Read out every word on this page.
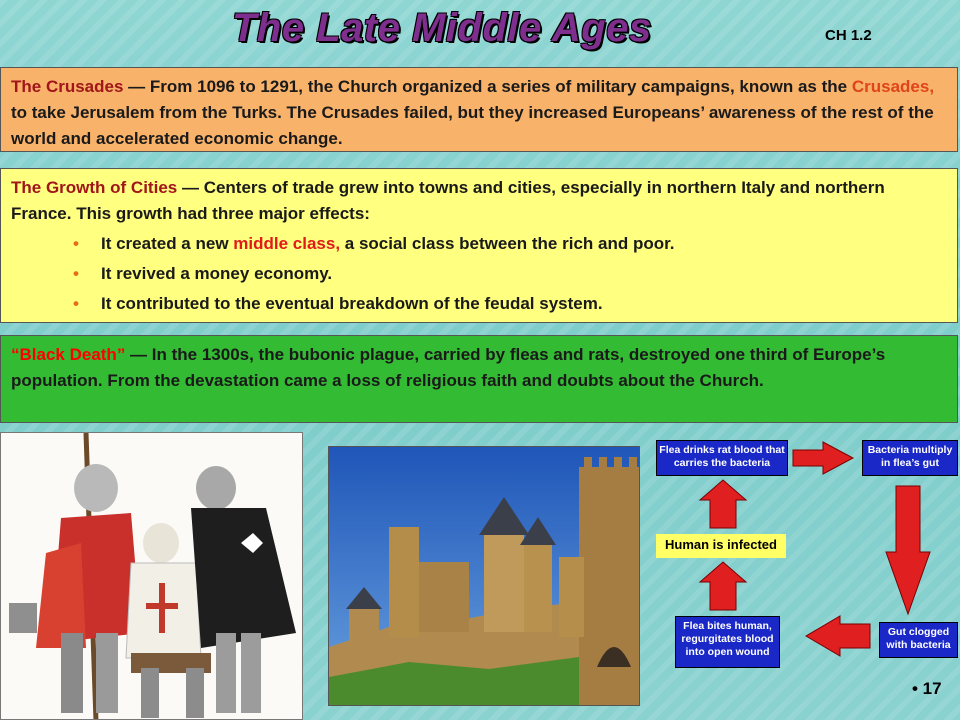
The Late Middle Ages	CH 1.2
The Crusades — From 1096 to 1291, the Church organized a series of military campaigns, known as the Crusades, to take Jerusalem from the Turks. The Crusades failed, but they increased Europeans’ awareness of the rest of the world and accelerated economic change.
The Growth of Cities — Centers of trade grew into towns and cities, especially in northern Italy and northern France. This growth had three major effects:
• It created a new middle class, a social class between the rich and poor.
• It revived a money economy.
• It contributed to the eventual breakdown of the feudal system.
“Black Death” — In the 1300s, the bubonic plague, carried by fleas and rats, destroyed one third of Europe’s population. From the devastation came a loss of religious faith and doubts about the Church.
Flea drinks rat blood that carries the bacteria
Bacteria multiply in flea’s gut
Gut clogged with bacteria
Flea bites human, regurgitates blood into open wound
Human is infected
• 17
